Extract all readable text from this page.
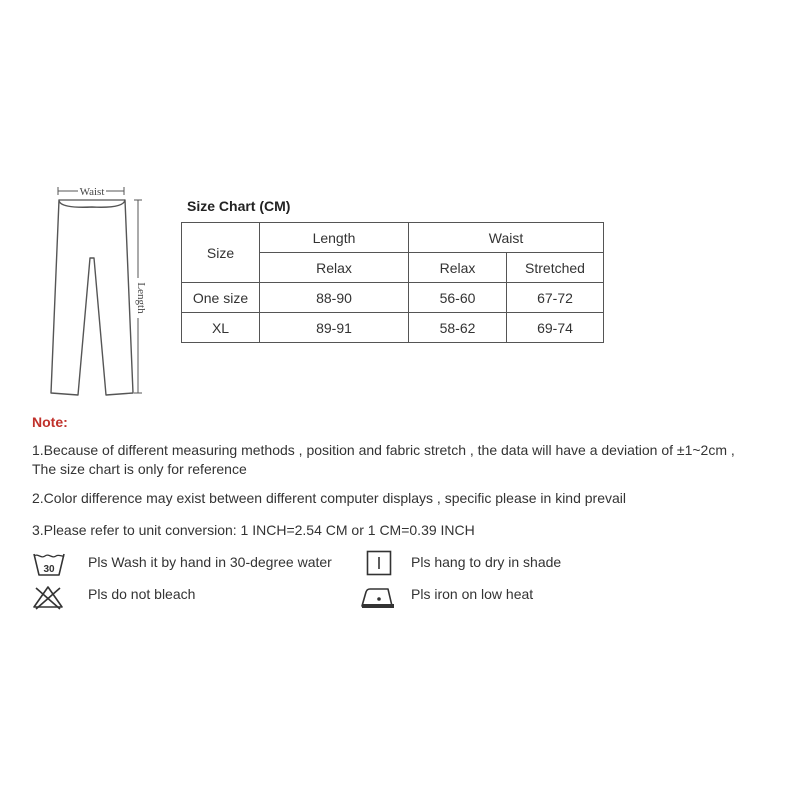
Waist
Length

Size Chart (CM)

Size	Length	Waist	
	Relax	Relax	Stretched
One size	88-90	56-60	67-72
XL	89-91	58-62	69-74

Note:

1.Because of different measuring methods , position and fabric stretch , the data will have a deviation of ±1~2cm ,

The size chart is only for reference

2.Color difference may exist between different computer displays , specific please in kind prevail

3.Please refer to unit conversion: 1 INCH=2.54 CM or 1 CM=0.39 INCH

30 Pls Wash it by hand in 30-degree water	Pls hang to dry in shade

Pls do not bleach	Pls iron on low heat
